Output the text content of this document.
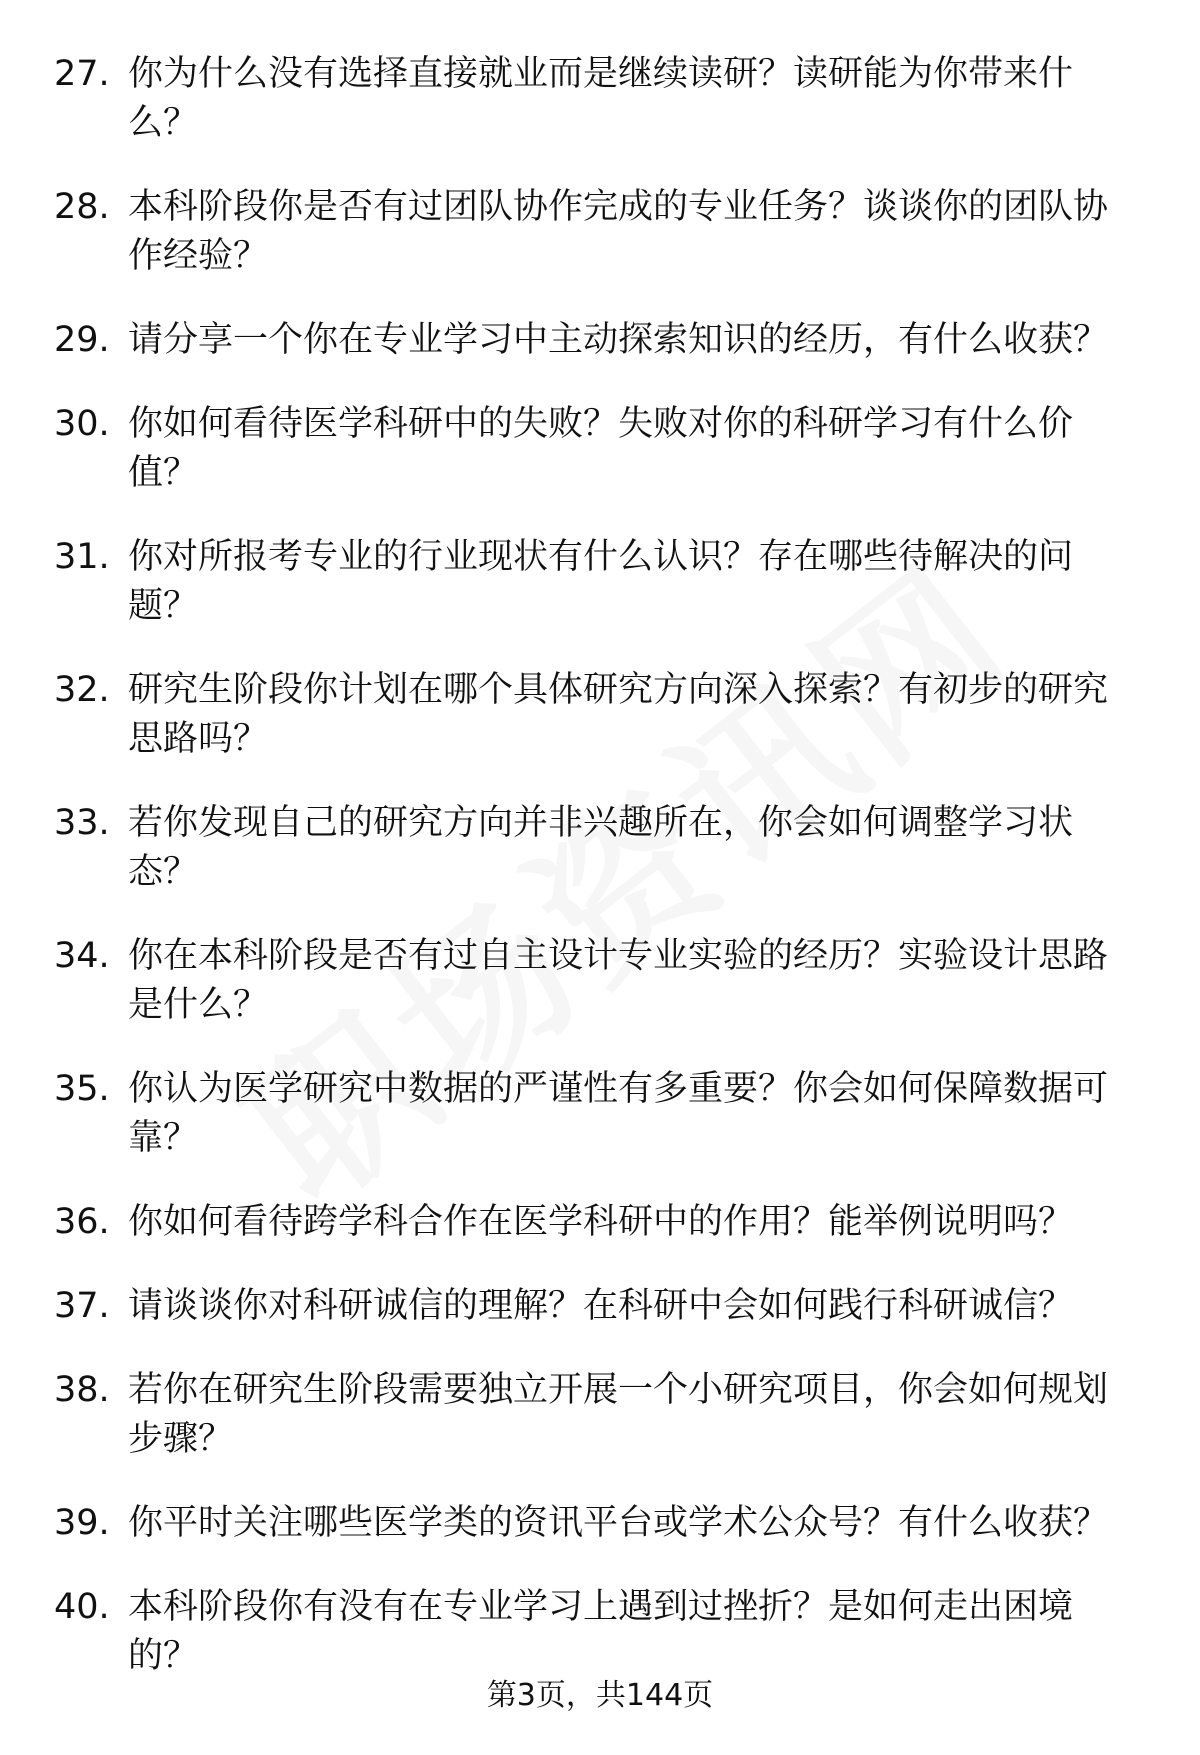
27. 你为什么没有选择直接就业而是继续读研？读研能为你带来什么？
28. 本科阶段你是否有过团队协作完成的专业任务？谈谈你的团队协作经验？
29. 请分享一个你在专业学习中主动探索知识的经历，有什么收获？
30. 你如何看待医学科研中的失败？失败对你的科研学习有什么价值？
31. 你对所报考专业的行业现状有什么认识？存在哪些待解决的问题？
32. 研究生阶段你计划在哪个具体研究方向深入探索？有初步的研究思路吗？
33. 若你发现自己的研究方向并非兴趣所在，你会如何调整学习状态？
34. 你在本科阶段是否有过自主设计专业实验的经历？实验设计思路是什么？
35. 你认为医学研究中数据的严谨性有多重要？你会如何保障数据可靠？
36. 你如何看待跨学科合作在医学科研中的作用？能举例说明吗？
37. 请谈谈你对科研诚信的理解？在科研中会如何践行科研诚信？
38. 若你在研究生阶段需要独立开展一个小研究项目，你会如何规划步骤？
39. 你平时关注哪些医学类的资讯平台或学术公众号？有什么收获？
40. 本科阶段你有没有在专业学习上遇到过挫折？是如何走出困境的？
第3页，共144页
